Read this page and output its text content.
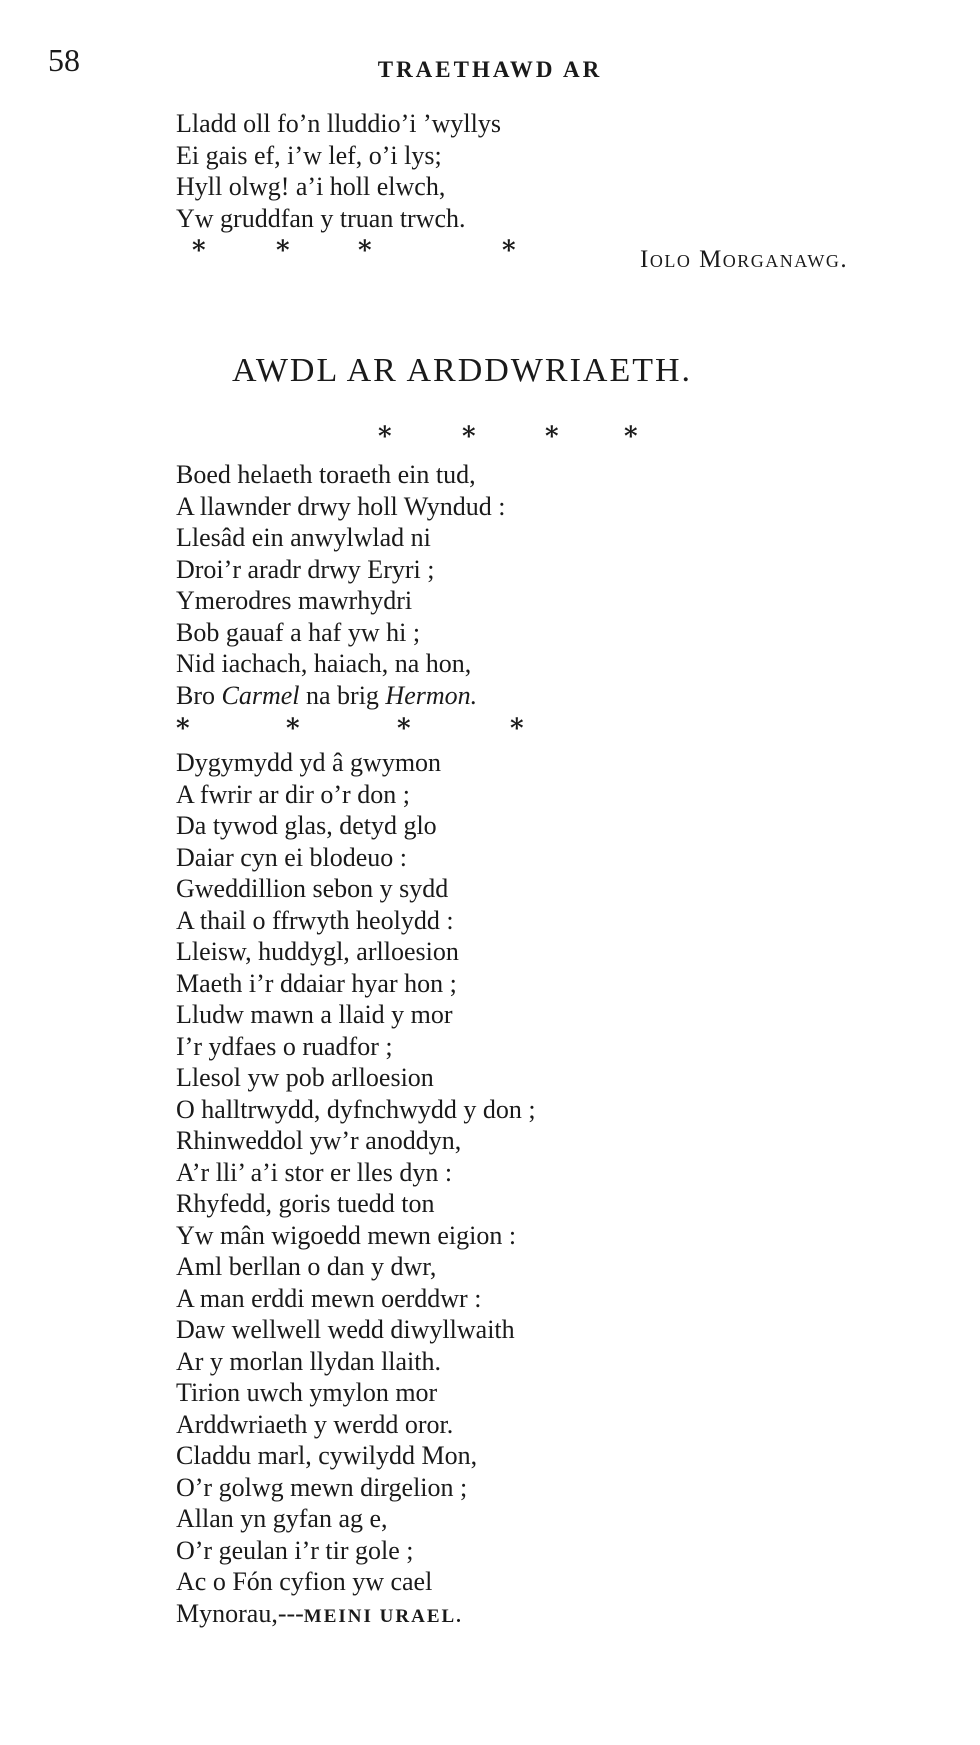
58	TRAETHAWD AR
Lladd oll fo’n lluddio’i ’wyllys
Ei gais ef, i’w lef, o’i lys;
Hyll olwg! a’i holl elwch,
Yw gruddfan y truan trwch.
*	*	*	*	Iolo Morganawg.
AWDL AR ARDDWRIAETH.
*	*	*	*
Boed helaeth toraeth ein tud,
A llawnder drwy holl Wyndud :
Llesâd ein anwylwlad ni
Droi’r aradr drwy Eryri ;
Ymerodres mawrhydri
Bob gauaf a haf yw hi ;
Nid iachach, haiach, na hon,
Bro Carmel na brig Hermon.
*	*	*	*
Dygymydd yd â gwymon
A fwrir ar dir o’r don ;
Da tywod glas, detyd glo
Daiar cyn ei blodeuo :
Gweddillion sebon y sydd
A thail o ffrwyth heolydd :
Lleisw, huddygl, arlloesion
Maeth i’r ddaiar hyar hon ;
Lludw mawn a llaid y mor
I’r ydfaes o ruadfor ;
Llesol yw pob arlloesion
O halltrwydd, dyfnchwydd y don ;
Rhinweddol yw’r anoddyn,
A’r lli’ a’i stor er lles dyn :
Rhyfedd, goris tuedd ton
Yw mân wigoedd mewn eigion :
Aml berllan o dan y dwr,
A man erddi mewn oerddwr :
Daw wellwell wedd diwyllwaith
Ar y morlan llydan llaith.
Tirion uwch ymylon mor
Arddwriaeth y werdd oror.
Claddu marl, cywilydd Mon,
O’r golwg mewn dirgelion ;
Allan yn gyfan ag e,
O’r geulan i’r tir gole ;
Ac o Fón cyfion yw cael
Mynorau,---MEINI URAEL.
